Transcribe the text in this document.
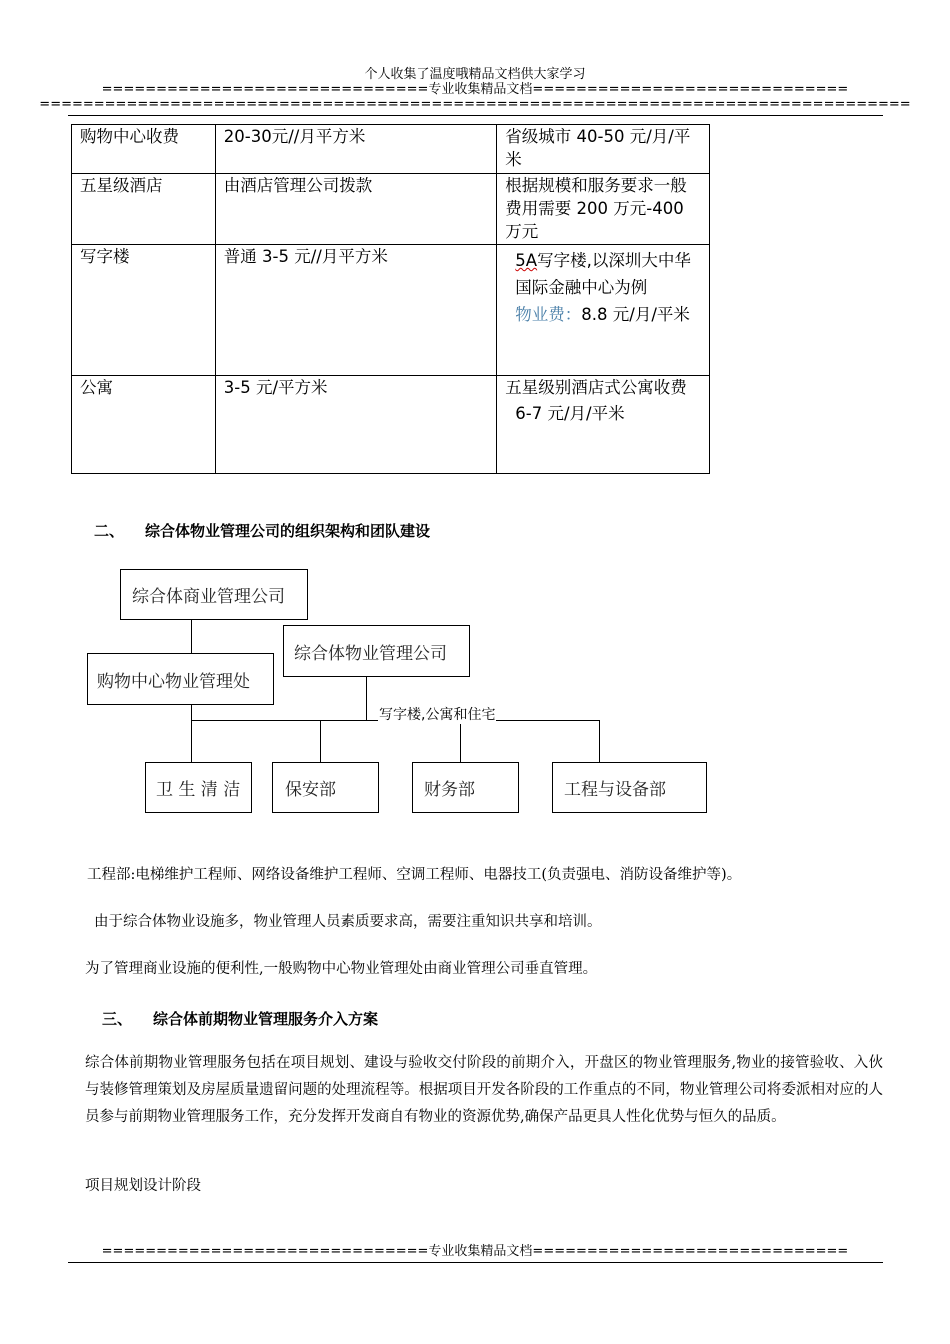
个人收集了温度哦精品文档供大家学习
==============================专业收集精品文档=============================
================================================================================
购物中心收费	20-30元//月平方米	省级城市 40-50 元/月/平米
五星级酒店	由酒店管理公司拨款	根据规模和服务要求一般费用需要 200 万元-400 万元
写字楼	普通 3-5 元//月平方米	5A写字楼,以深圳大中华国际金融中心为例
物业费：8.8 元/月/平米
公寓	3-5 元/平方米	五星级别酒店式公寓收费
6-7 元/月/平米
二、 综合体物业管理公司的组织架构和团队建设
综合体商业管理公司
综合体物业管理公司
购物中心物业管理处
写字楼,公寓和住宅
卫 生 清 洁	保安部	财务部	工程与设备部
工程部:电梯维护工程师、网络设备维护工程师、空调工程师、电器技工(负责强电、消防设备维护等)。
由于综合体物业设施多，物业管理人员素质要求高，需要注重知识共享和培训。
为了管理商业设施的便利性,一般购物中心物业管理处由商业管理公司垂直管理。
三、 综合体前期物业管理服务介入方案
综合体前期物业管理服务包括在项目规划、建设与验收交付阶段的前期介入，开盘区的物业管理服务,物业的接管验收、入伙与装修管理策划及房屋质量遗留问题的处理流程等。根据项目开发各阶段的工作重点的不同，物业管理公司将委派相对应的人员参与前期物业管理服务工作，充分发挥开发商自有物业的资源优势,确保产品更具人性化优势与恒久的品质。
项目规划设计阶段
==============================专业收集精品文档=============================
